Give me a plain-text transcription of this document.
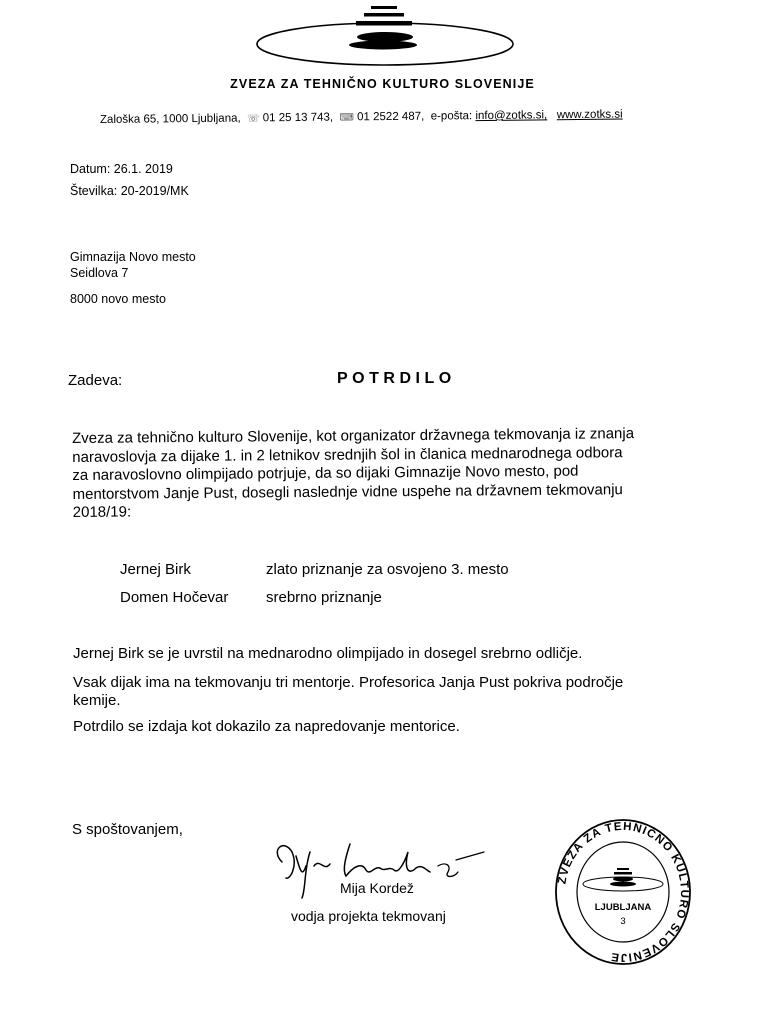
ZVEZA ZA TEHNIČNO KULTURO SLOVENIJE
Zaloška 65, 1000 Ljubljana, ☏ 01 25 13 743, ⌨ 01 2522 487, e-pošta: info@zotks.si, www.zotks.si
Datum: 26.1. 2019
Številka: 20-2019/MK
Gimnazija Novo mesto
Seidlova 7
8000 novo mesto
Zadeva:	POTRDILO
Zveza za tehnično kulturo Slovenije, kot organizator državnega tekmovanja iz znanja
naravoslovja za dijake 1. in 2 letnikov srednjih šol in članica mednarodnega odbora
za naravoslovno olimpijado potrjuje, da so dijaki Gimnazije Novo mesto, pod
mentorstvom Janje Pust, dosegli naslednje vidne uspehe na državnem tekmovanju
2018/19:
Jernej Birk	zlato priznanje za osvojeno 3. mesto
Domen Hočevar	srebrno priznanje
Jernej Birk se je uvrstil na mednarodno olimpijado in dosegel srebrno odličje.
Vsak dijak ima na tekmovanju tri mentorje. Profesorica Janja Pust pokriva področje
kemije.
Potrdilo se izdaja kot dokazilo za napredovanje mentorice.
S spoštovanjem,
Mija Kordež
vodja projekta tekmovanj
ZVEZA ZA TEHNIČNO KULTURO SLOVENIJE
LJUBLJANA
3
